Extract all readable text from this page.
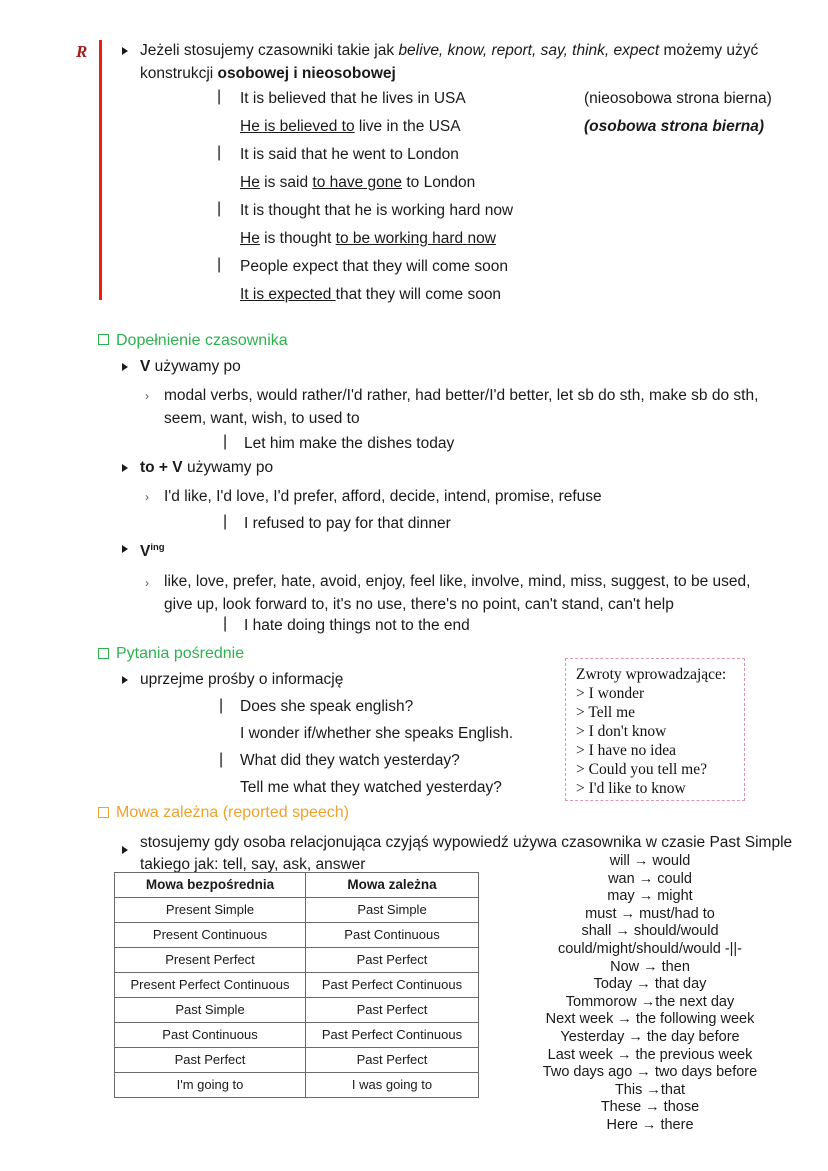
R	Jeżeli stosujemy czasowniki takie jak belive, know, report, say, think, expect możemy użyć konstrukcji osobowej i nieosobowej
| It is believed that he lives in USA	(nieosobowa strona bierna)
He is believed to live in the USA	(osobowa strona bierna)
| It is said that he went to London
He is said to have gone to London
| It is thought that he is working hard now
He is thought to be working hard now
| People expect that they will come soon
It is expected that they will come soon
Dopełnienie czasownika
V używamy po
› modal verbs, would rather/I'd rather, had better/I'd better, let sb do sth, make sb do sth, seem, want, wish, to used to
| Let him make the dishes today
to + V używamy po
› I'd like, I'd love, I'd prefer, afford, decide, intend, promise, refuse
| I refused to pay for that dinner
$V^{ing}$
› like, love, prefer, hate, avoid, enjoy, feel like, involve, mind, miss, suggest, to be used, give up, look forward to, it's no use, there's no point, can't stand, can't help
| I hate doing things not to the end
Pytania pośrednie
uprzejme prośby o informację
| Does she speak english?
I wonder if/whether she speaks English.
| What did they watch yesterday?
Tell me what they watched yesterday?
Zwroty wprowadzające:
> I wonder
> Tell me
> I don't know
> I have no idea
> Could you tell me?
> I'd like to know
Mowa zależna (reported speech)
stosujemy gdy osoba relacjonująca czyjąś wypowiedź używa czasownika w czasie Past Simple takiego jak: tell, say, ask, answer
Mowa bezpośrednia	Mowa zależna
Present Simple	Past Simple
Present Continuous	Past Continuous
Present Perfect	Past Perfect
Present Perfect Continuous	Past Perfect Continuous
Past Simple	Past Perfect
Past Continuous	Past Perfect Continuous
Past Perfect	Past Perfect
I'm going to	I was going to
will → would
wan → could
may → might
must → must/had to
shall → should/would
could/might/should/would -||-
Now → then
Today → that day
Tommorow →the next day
Next week → the following week
Yesterday → the day before
Last week → the previous week
Two days ago → two days before
This →that
These → those
Here → there
